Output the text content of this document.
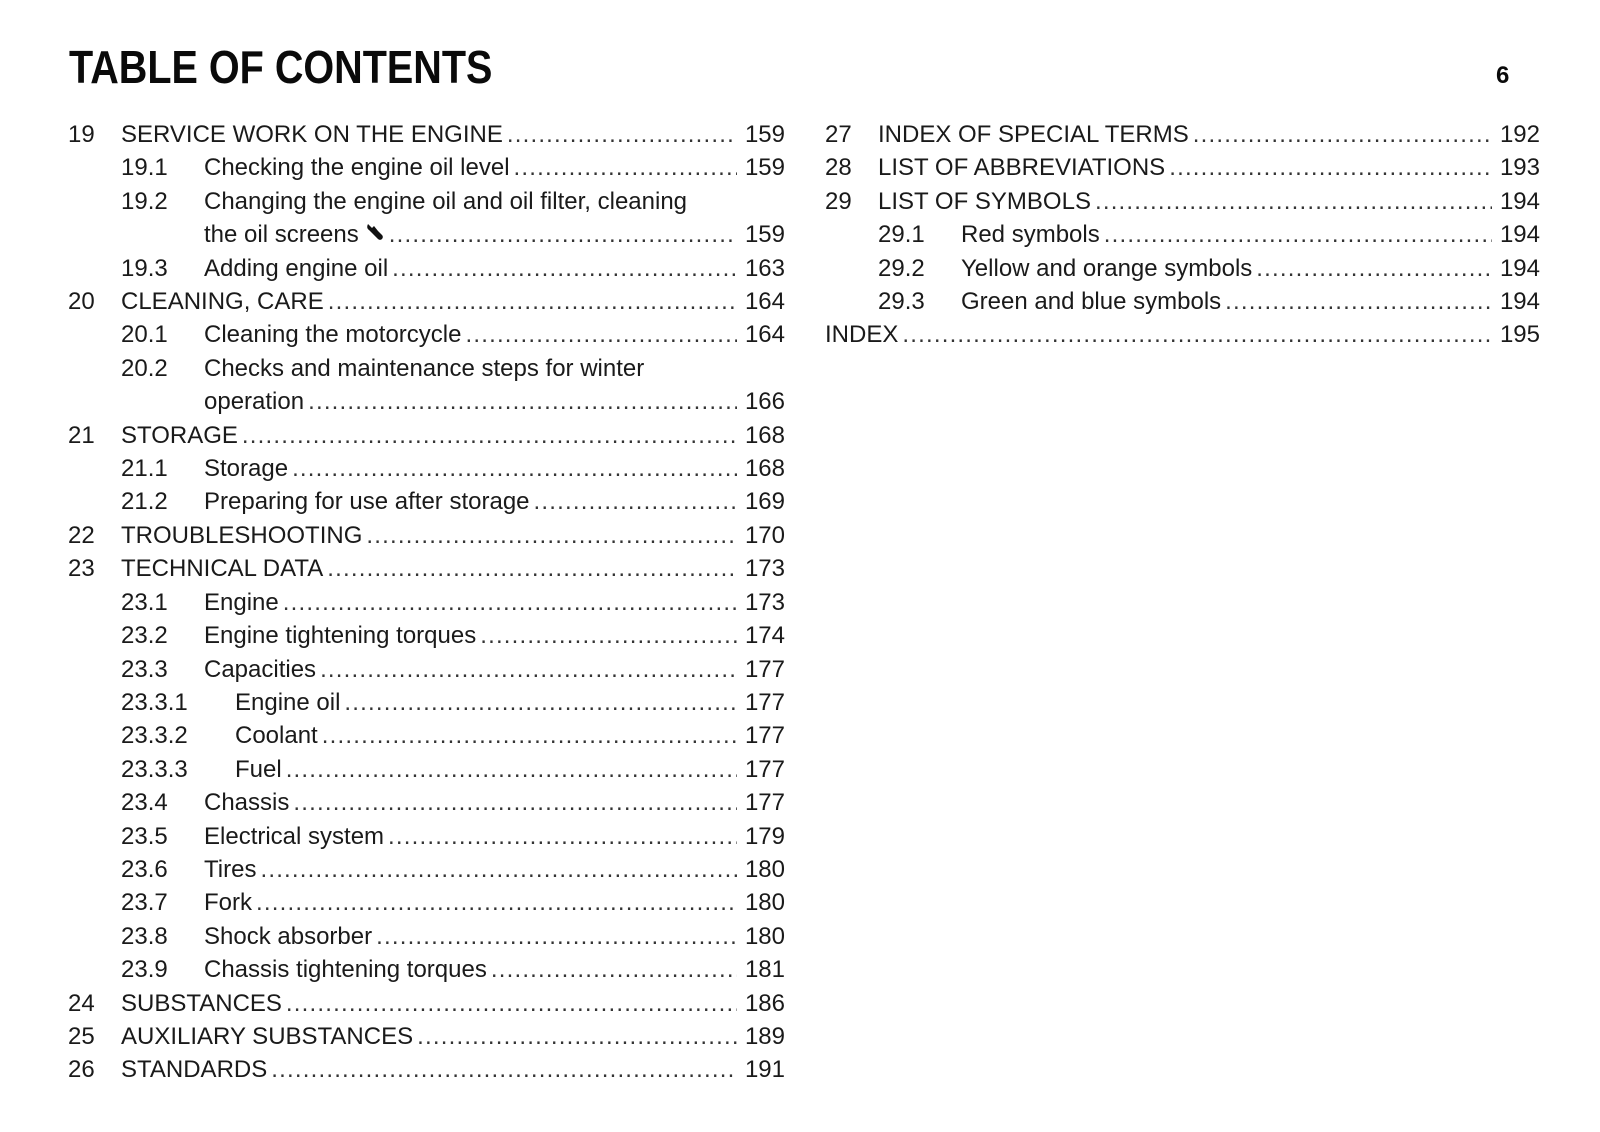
TABLE OF CONTENTS	6
19	SERVICE WORK ON THE ENGINE .....	159
19.1	Checking the engine oil level .....	159
19.2	Changing the engine oil and oil filter, cleaning
the oil screens .....	159
19.3	Adding engine oil .....	163
20	CLEANING, CARE .....	164
20.1	Cleaning the motorcycle .....	164
20.2	Checks and maintenance steps for winter
operation .....	166
21	STORAGE .....	168
21.1	Storage .....	168
21.2	Preparing for use after storage .....	169
22	TROUBLESHOOTING .....	170
23	TECHNICAL DATA .....	173
23.1	Engine .....	173
23.2	Engine tightening torques .....	174
23.3	Capacities .....	177
23.3.1	Engine oil .....	177
23.3.2	Coolant .....	177
23.3.3	Fuel .....	177
23.4	Chassis .....	177
23.5	Electrical system .....	179
23.6	Tires .....	180
23.7	Fork .....	180
23.8	Shock absorber .....	180
23.9	Chassis tightening torques .....	181
24	SUBSTANCES .....	186
25	AUXILIARY SUBSTANCES .....	189
26	STANDARDS .....	191
27	INDEX OF SPECIAL TERMS .....	192
28	LIST OF ABBREVIATIONS .....	193
29	LIST OF SYMBOLS .....	194
29.1	Red symbols .....	194
29.2	Yellow and orange symbols .....	194
29.3	Green and blue symbols .....	194
INDEX .....	195
